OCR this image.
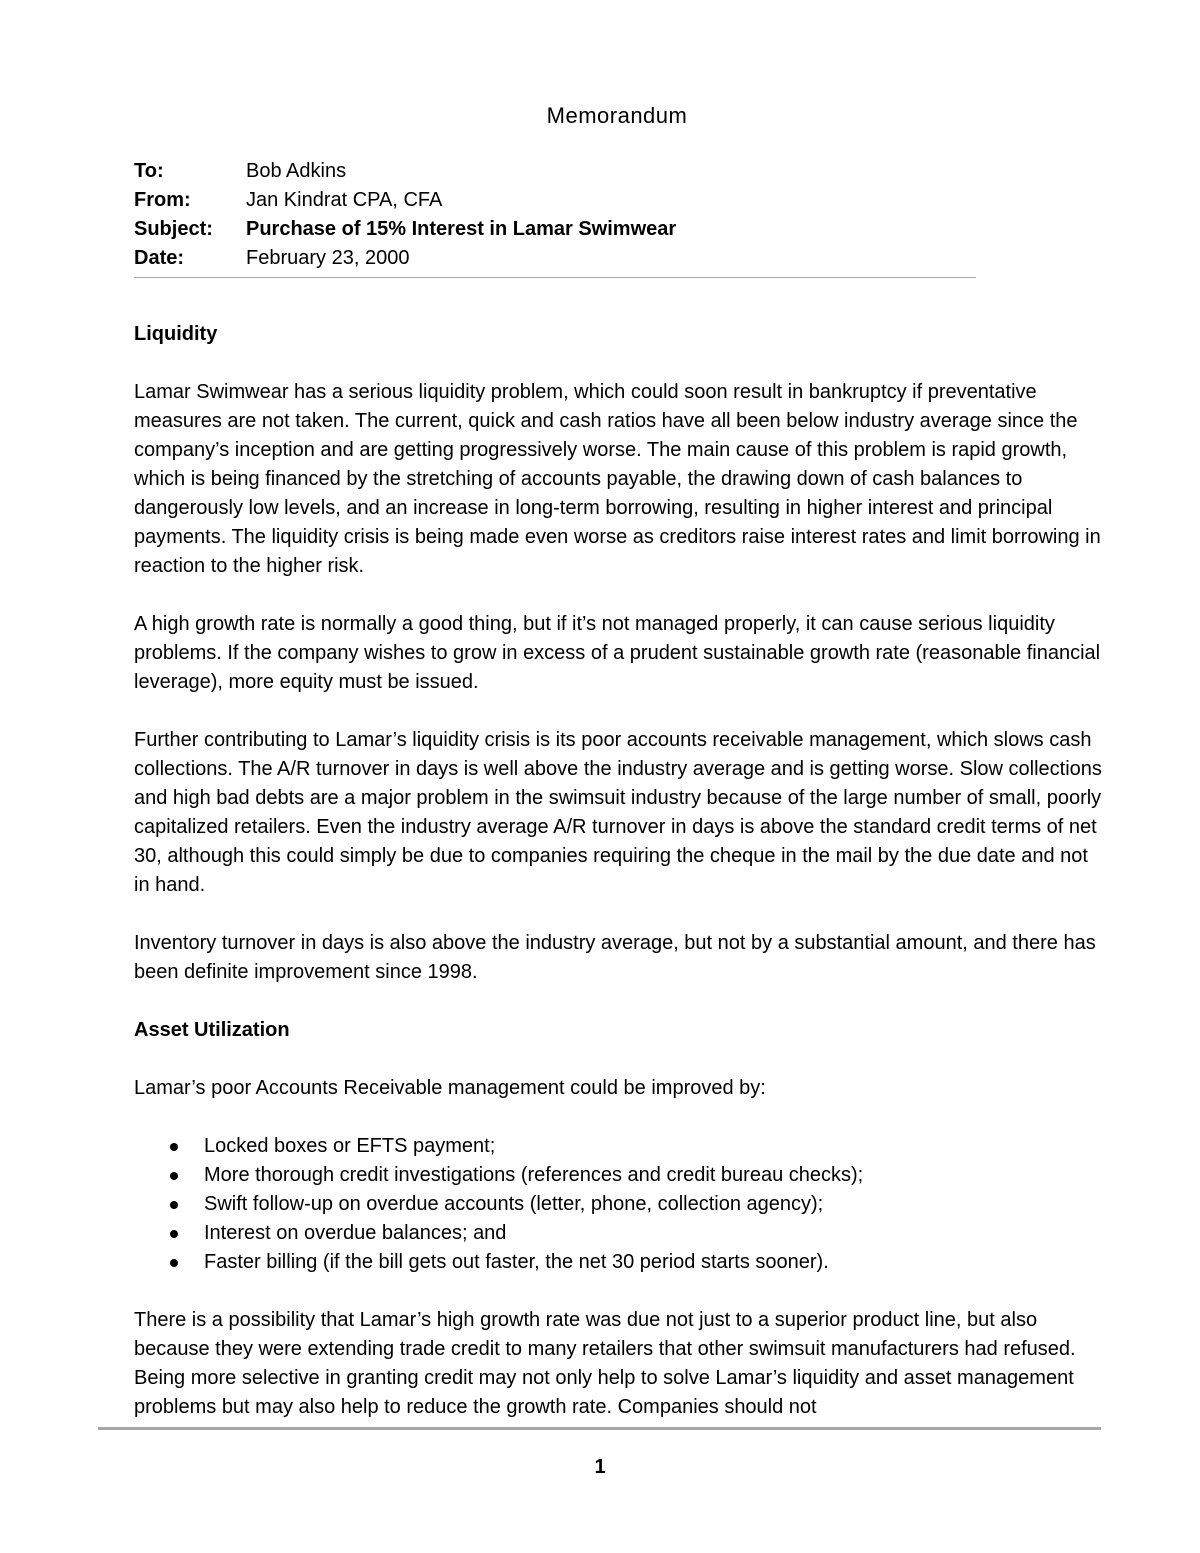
Memorandum
To:	Bob Adkins
From:	Jan Kindrat CPA, CFA
Subject:	Purchase of 15% Interest in Lamar Swimwear
Date:	February 23, 2000
Liquidity

Lamar Swimwear has a serious liquidity problem, which could soon result in bankruptcy if preventative measures are not taken. The current, quick and cash ratios have all been below industry average since the company’s inception and are getting progressively worse. The main cause of this problem is rapid growth, which is being financed by the stretching of accounts payable, the drawing down of cash balances to dangerously low levels, and an increase in long-term borrowing, resulting in higher interest and principal payments. The liquidity crisis is being made even worse as creditors raise interest rates and limit borrowing in reaction to the higher risk.

A high growth rate is normally a good thing, but if it’s not managed properly, it can cause serious liquidity problems. If the company wishes to grow in excess of a prudent sustainable growth rate (reasonable financial leverage), more equity must be issued.

Further contributing to Lamar’s liquidity crisis is its poor accounts receivable management, which slows cash collections. The A/R turnover in days is well above the industry average and is getting worse. Slow collections and high bad debts are a major problem in the swimsuit industry because of the large number of small, poorly capitalized retailers. Even the industry average A/R turnover in days is above the standard credit terms of net 30, although this could simply be due to companies requiring the cheque in the mail by the due date and not in hand.

Inventory turnover in days is also above the industry average, but not by a substantial amount, and there has been definite improvement since 1998.

Asset Utilization

Lamar’s poor Accounts Receivable management could be improved by:

Locked boxes or EFTS payment;
More thorough credit investigations (references and credit bureau checks);
Swift follow-up on overdue accounts (letter, phone, collection agency);
Interest on overdue balances; and
Faster billing (if the bill gets out faster, the net 30 period starts sooner).

There is a possibility that Lamar’s high growth rate was due not just to a superior product line, but also because they were extending trade credit to many retailers that other swimsuit manufacturers had refused. Being more selective in granting credit may not only help to solve Lamar’s liquidity and asset management problems but may also help to reduce the growth rate. Companies should not

1
